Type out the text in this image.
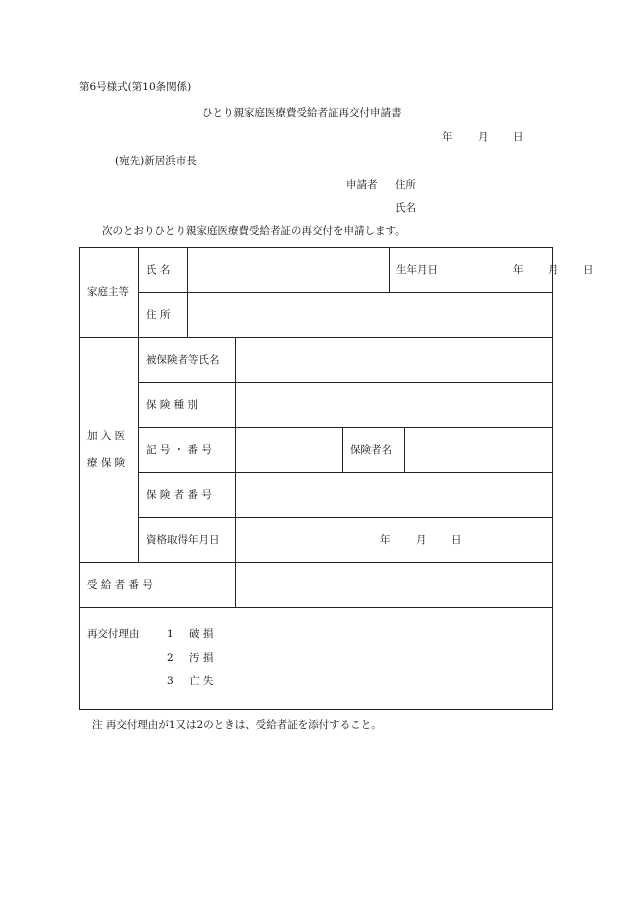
第6号様式(第10条関係)
ひとり親家庭医療費受給者証再交付申請書
年 月 日
(宛先)新居浜市長
申請者 住所
氏名
次のとおりひとり親家庭医療費受給者証の再交付を申請します。
家庭主等	氏 名				生年月日 年 月 日	

	住 所					
加 入 医
療 保 険	被保険者等氏名					
	保 険 種 別					
	記 号 ・ 番 号			保険者名		
	保 険 者 番 号					
	資格取得年月日		年 月 日			

受 給 者 番 号						

再交付理由 1 破 損
2 汚 損
3 亡 失						
注 再交付理由が1又は2のときは、受給者証を添付すること。
